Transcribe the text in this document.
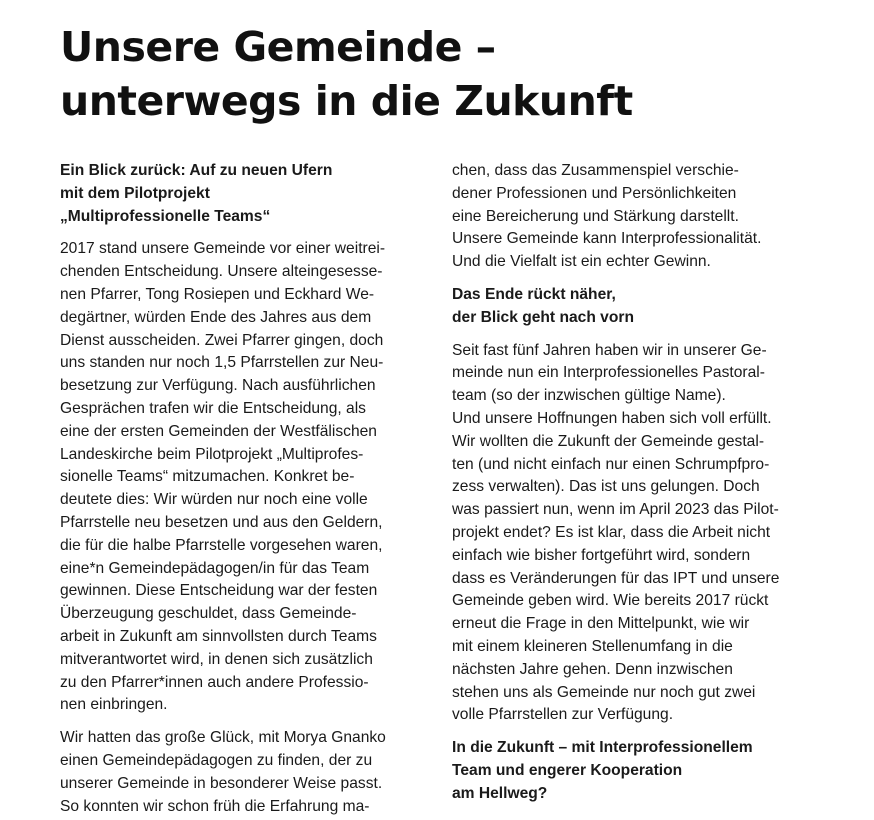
Unsere Gemeinde –
unterwegs in die Zukunft
Ein Blick zurück: Auf zu neuen Ufern
mit dem Pilotprojekt
„Multiprofessionelle Teams“

2017 stand unsere Gemeinde vor einer weitrei-
chenden Entscheidung. Unsere alteingesesse-
nen Pfarrer, Tong Rosiepen und Eckhard We-
degärtner, würden Ende des Jahres aus dem
Dienst ausscheiden. Zwei Pfarrer gingen, doch
uns standen nur noch 1,5 Pfarrstellen zur Neu-
besetzung zur Verfügung. Nach ausführlichen
Gesprächen trafen wir die Entscheidung, als
eine der ersten Gemeinden der Westfälischen
Landeskirche beim Pilotprojekt „Multiprofes-
sionelle Teams“ mitzumachen. Konkret be-
deutete dies: Wir würden nur noch eine volle
Pfarrstelle neu besetzen und aus den Geldern,
die für die halbe Pfarrstelle vorgesehen waren,
eine*n Gemeindepädagogen/in für das Team
gewinnen. Diese Entscheidung war der festen
Überzeugung geschuldet, dass Gemeinde-
arbeit in Zukunft am sinnvollsten durch Teams
mitverantwortet wird, in denen sich zusätzlich
zu den Pfarrer*innen auch andere Professio-
nen einbringen.

Wir hatten das große Glück, mit Morya Gnanko
einen Gemeindepädagogen zu finden, der zu
unserer Gemeinde in besonderer Weise passt.
So konnten wir schon früh die Erfahrung ma-

chen, dass das Zusammenspiel verschie-
dener Professionen und Persönlichkeiten
eine Bereicherung und Stärkung darstellt.
Unsere Gemeinde kann Interprofessionalität.
Und die Vielfalt ist ein echter Gewinn.

Das Ende rückt näher,
der Blick geht nach vorn

Seit fast fünf Jahren haben wir in unserer Ge-
meinde nun ein Interprofessionelles Pastoral-
team (so der inzwischen gültige Name).
Und unsere Hoffnungen haben sich voll erfüllt.
Wir wollten die Zukunft der Gemeinde gestal-
ten (und nicht einfach nur einen Schrumpfpro-
zess verwalten). Das ist uns gelungen. Doch
was passiert nun, wenn im April 2023 das Pilot-
projekt endet? Es ist klar, dass die Arbeit nicht
einfach wie bisher fortgeführt wird, sondern
dass es Veränderungen für das IPT und unsere
Gemeinde geben wird. Wie bereits 2017 rückt
erneut die Frage in den Mittelpunkt, wie wir
mit einem kleineren Stellenumfang in die
nächsten Jahre gehen. Denn inzwischen
stehen uns als Gemeinde nur noch gut zwei
volle Pfarrstellen zur Verfügung.

In die Zukunft – mit Interprofessionellem
Team und engerer Kooperation
am Hellweg?
